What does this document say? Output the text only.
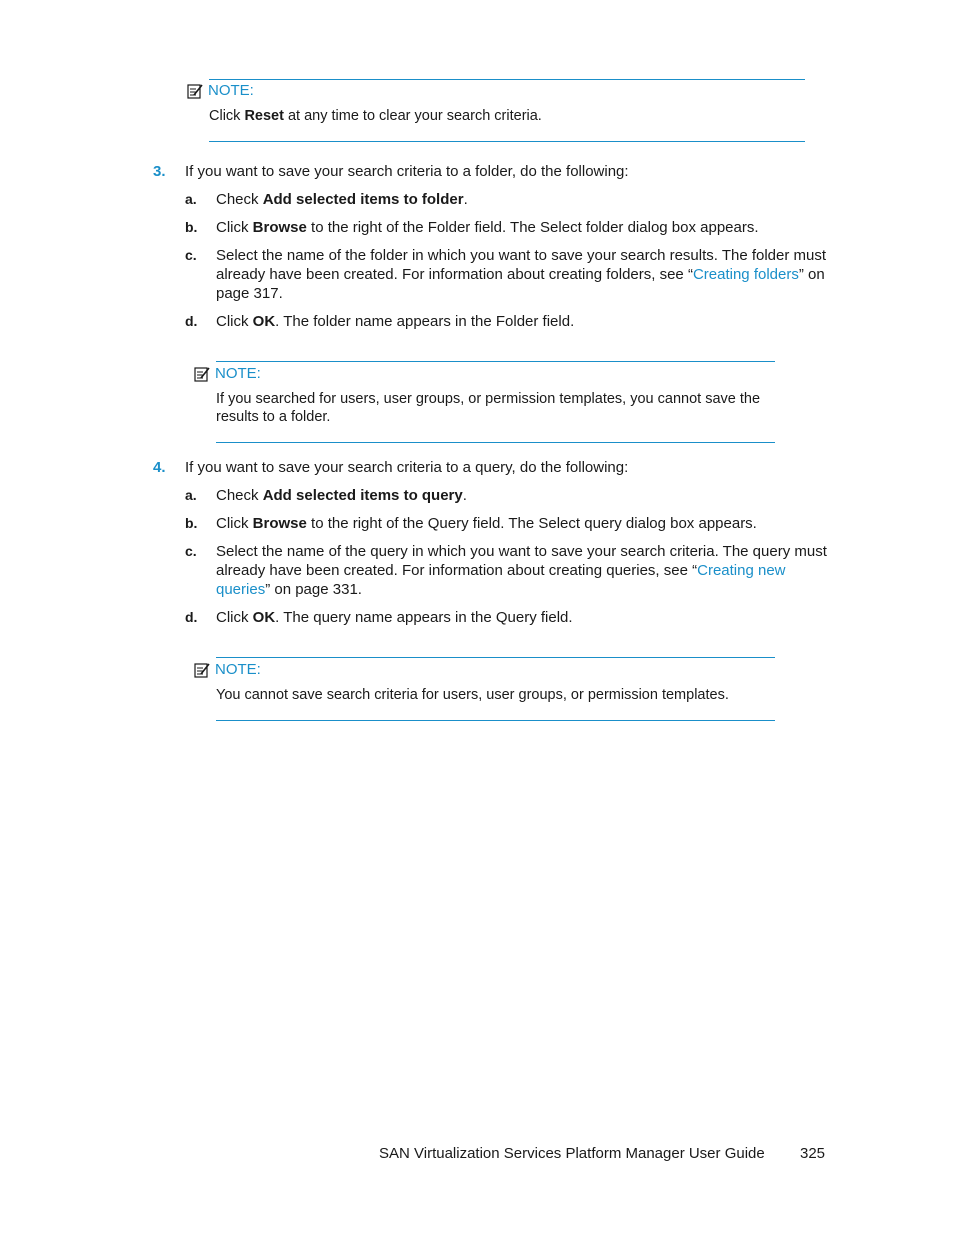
NOTE:
Click Reset at any time to clear your search criteria.
3. If you want to save your search criteria to a folder, do the following:
a. Check Add selected items to folder.
b. Click Browse to the right of the Folder field. The Select folder dialog box appears.
c. Select the name of the folder in which you want to save your search results. The folder must already have been created. For information about creating folders, see “Creating folders” on page 317.
d. Click OK. The folder name appears in the Folder field.
NOTE:
If you searched for users, user groups, or permission templates, you cannot save the results to a folder.
4. If you want to save your search criteria to a query, do the following:
a. Check Add selected items to query.
b. Click Browse to the right of the Query field. The Select query dialog box appears.
c. Select the name of the query in which you want to save your search criteria. The query must already have been created. For information about creating queries, see “Creating new queries” on page 331.
d. Click OK. The query name appears in the Query field.
NOTE:
You cannot save search criteria for users, user groups, or permission templates.
SAN Virtualization Services Platform Manager User Guide 325
